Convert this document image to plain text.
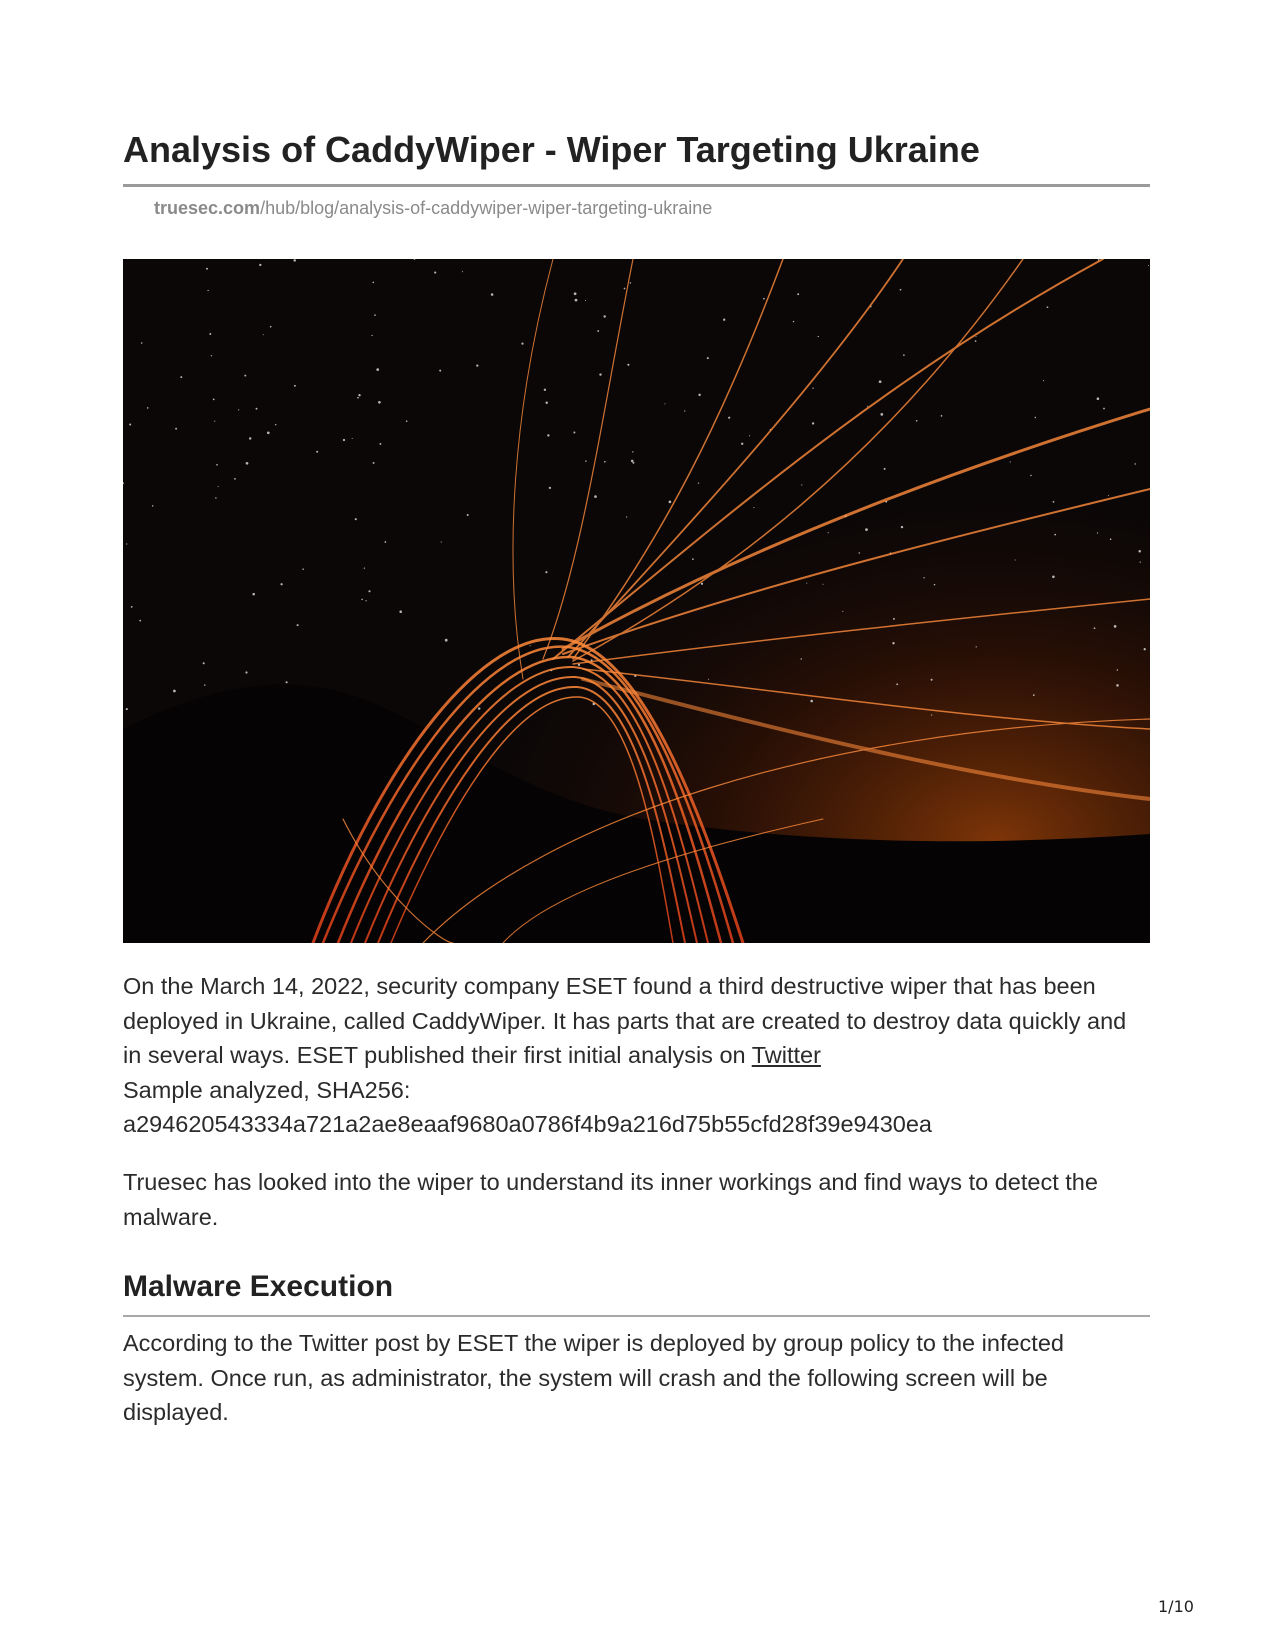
Analysis of CaddyWiper - Wiper Targeting Ukraine
truesec.com/hub/blog/analysis-of-caddywiper-wiper-targeting-ukraine

On the March 14, 2022, security company ESET found a third destructive wiper that has been deployed in Ukraine, called CaddyWiper. It has parts that are created to destroy data quickly and in several ways. ESET published their first initial analysis on Twitter
Sample analyzed, SHA256:
a294620543334a721a2ae8eaaf9680a0786f4b9a216d75b55cfd28f39e9430ea

Truesec has looked into the wiper to understand its inner workings and find ways to detect the malware.

Malware Execution

According to the Twitter post by ESET the wiper is deployed by group policy to the infected system. Once run, as administrator, the system will crash and the following screen will be displayed.

1/10
